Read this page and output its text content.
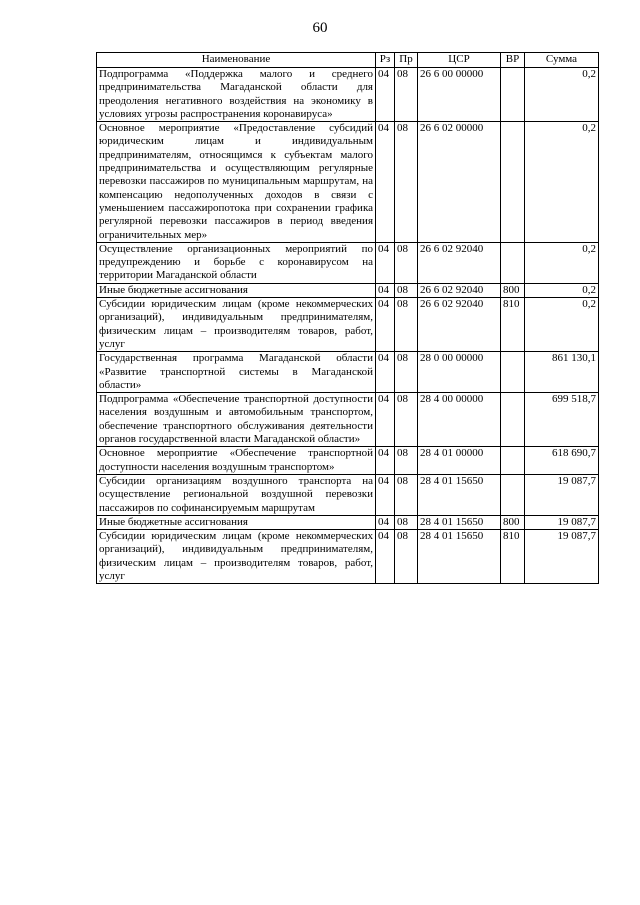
60
Наименование	Рз	Пр	ЦСР	ВР	Сумма
Подпрограмма «Поддержка малого и среднего предпринимательства Магаданской области для преодоления негативного воздействия на экономику в условиях угрозы распространения коронавируса»	04	08	26 6 00 00000		0,2
Основное мероприятие «Предоставление субсидий юридическим лицам и индивидуальным предпринимателям, относящимся к субъектам малого предпринимательства и осуществляющим регулярные перевозки пассажиров по муниципальным маршрутам, на компенсацию недополученных доходов в связи с уменьшением пассажиропотока при сохранении графика регулярной перевозки пассажиров в период введения ограничительных мер»	04	08	26 6 02 00000		0,2
Осуществление организационных мероприятий по предупреждению и борьбе с коронавирусом на территории Магаданской области	04	08	26 6 02 92040		0,2
Иные бюджетные ассигнования	04	08	26 6 02 92040	800	0,2
Субсидии юридическим лицам (кроме некоммерческих организаций), индивидуальным предпринимателям, физическим лицам – производителям товаров, работ, услуг	04	08	26 6 02 92040	810	0,2
Государственная программа Магаданской области «Развитие транспортной системы в Магаданской области»	04	08	28 0 00 00000		861 130,1
Подпрограмма «Обеспечение транспортной доступности населения воздушным и автомобильным транспортом, обеспечение транспортного обслуживания деятельности органов государственной власти Магаданской области»	04	08	28 4 00 00000		699 518,7
Основное мероприятие «Обеспечение транспортной доступности населения воздушным транспортом»	04	08	28 4 01 00000		618 690,7
Субсидии организациям воздушного транспорта на осуществление региональной воздушной перевозки пассажиров по софинансируемым маршрутам	04	08	28 4 01 15650		19 087,7
Иные бюджетные ассигнования	04	08	28 4 01 15650	800	19 087,7
Субсидии юридическим лицам (кроме некоммерческих организаций), индивидуальным предпринимателям, физическим лицам – производителям товаров, работ, услуг	04	08	28 4 01 15650	810	19 087,7
